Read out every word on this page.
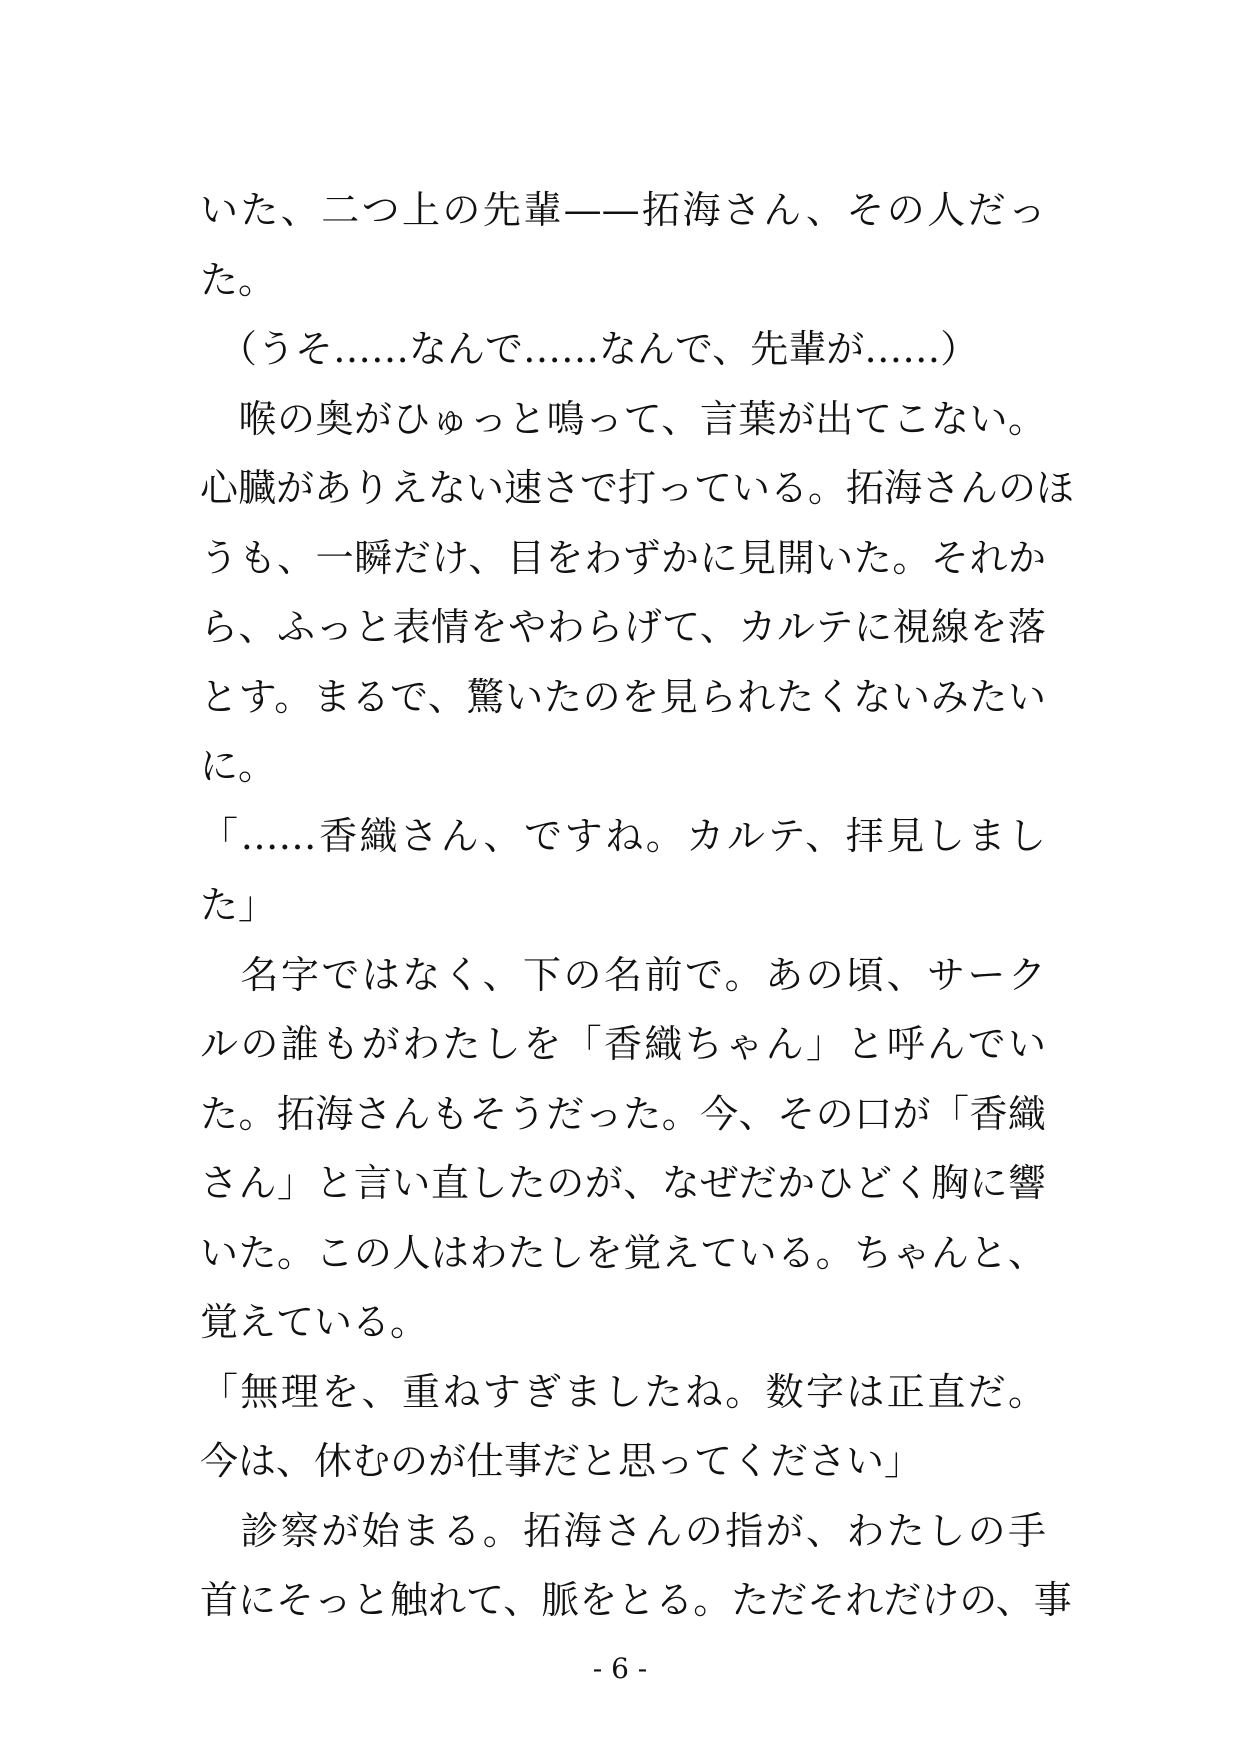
いた、二つ上の先輩——拓海さん、その人だっ
た。
　（うそ……なんで……なんで、先輩が……）
　喉の奥がひゅっと鳴って、言葉が出てこない。
心臓がありえない速さで打っている。拓海さんのほ
うも、一瞬だけ、目をわずかに見開いた。それか
ら、ふっと表情をやわらげて、カルテに視線を落
とす。まるで、驚いたのを見られたくないみたい
に。
「……香織さん、ですね。カルテ、拝見しまし
た」
　名字ではなく、下の名前で。あの頃、サーク
ルの誰もがわたしを「香織ちゃん」と呼んでい
た。拓海さんもそうだった。今、その口が「香織
さん」と言い直したのが、なぜだかひどく胸に響
いた。この人はわたしを覚えている。ちゃんと、
覚えている。
「無理を、重ねすぎましたね。数字は正直だ。
今は、休むのが仕事だと思ってください」
　診察が始まる。拓海さんの指が、わたしの手
首にそっと触れて、脈をとる。ただそれだけの、事
- 6 -
